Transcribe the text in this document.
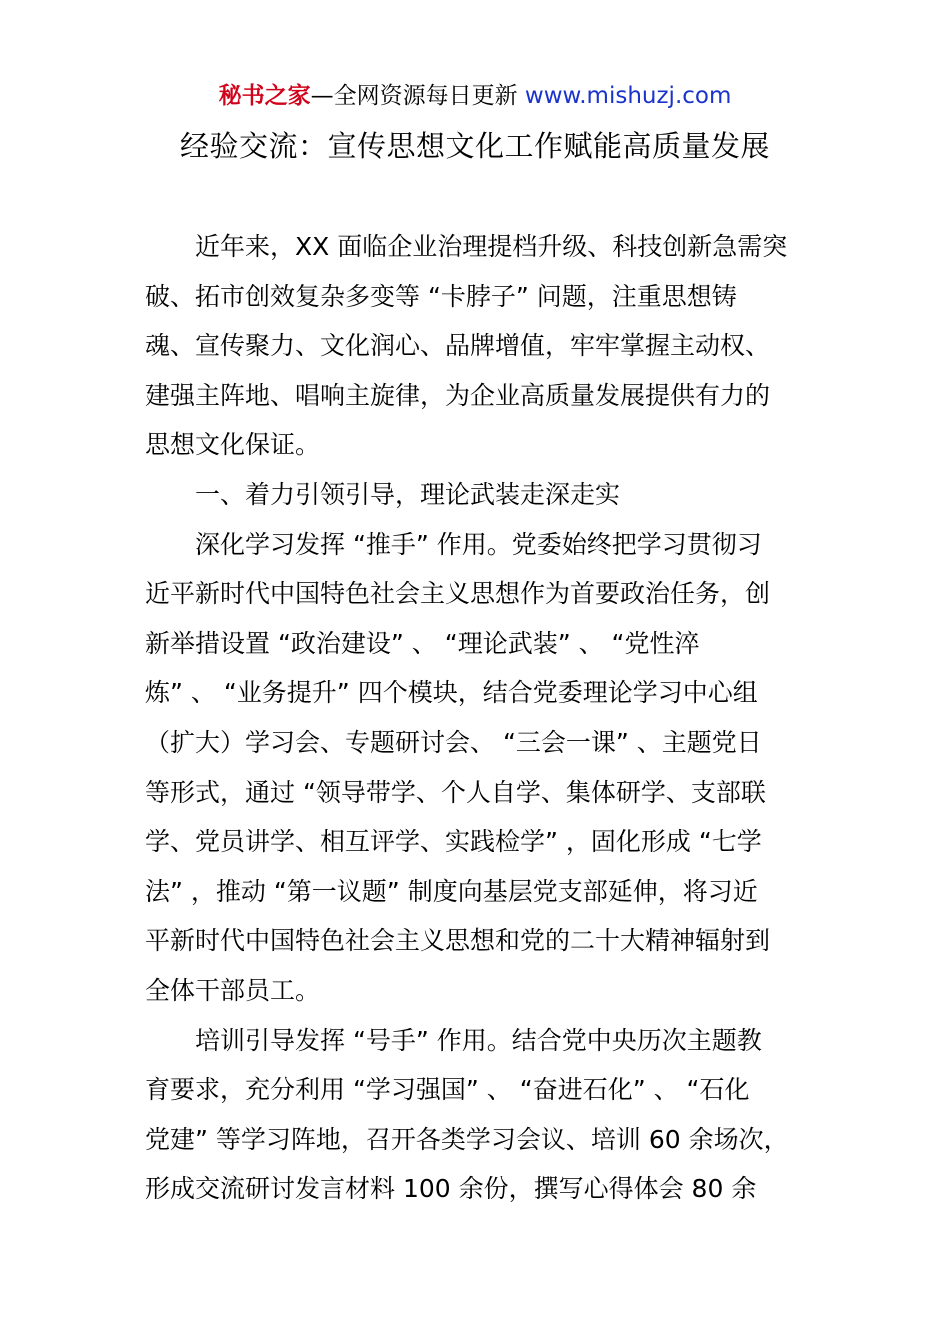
秘书之家—全网资源每日更新 www.mishuzj.com
经验交流：宣传思想文化工作赋能高质量发展
　　近年来，XX 面临企业治理提档升级、科技创新急需突
破、拓市创效复杂多变等 “卡脖子” 问题，注重思想铸
魂、宣传聚力、文化润心、品牌增值，牢牢掌握主动权、
建强主阵地、唱响主旋律，为企业高质量发展提供有力的
思想文化保证。
　　一、着力引领引导，理论武装走深走实
　　深化学习发挥 “推手” 作用。党委始终把学习贯彻习
近平新时代中国特色社会主义思想作为首要政治任务，创
新举措设置 “政治建设” 、 “理论武装” 、 “党性淬
炼” 、 “业务提升” 四个模块，结合党委理论学习中心组
（扩大）学习会、专题研讨会、 “三会一课” 、主题党日
等形式，通过 “领导带学、个人自学、集体研学、支部联
学、党员讲学、相互评学、实践检学” ，固化形成 “七学
法” ，推动 “第一议题” 制度向基层党支部延伸，将习近
平新时代中国特色社会主义思想和党的二十大精神辐射到
全体干部员工。
　　培训引导发挥 “号手” 作用。结合党中央历次主题教
育要求，充分利用 “学习强国” 、 “奋进石化” 、 “石化
党建” 等学习阵地，召开各类学习会议、培训 60 余场次，
形成交流研讨发言材料 100 余份，撰写心得体会 80 余
